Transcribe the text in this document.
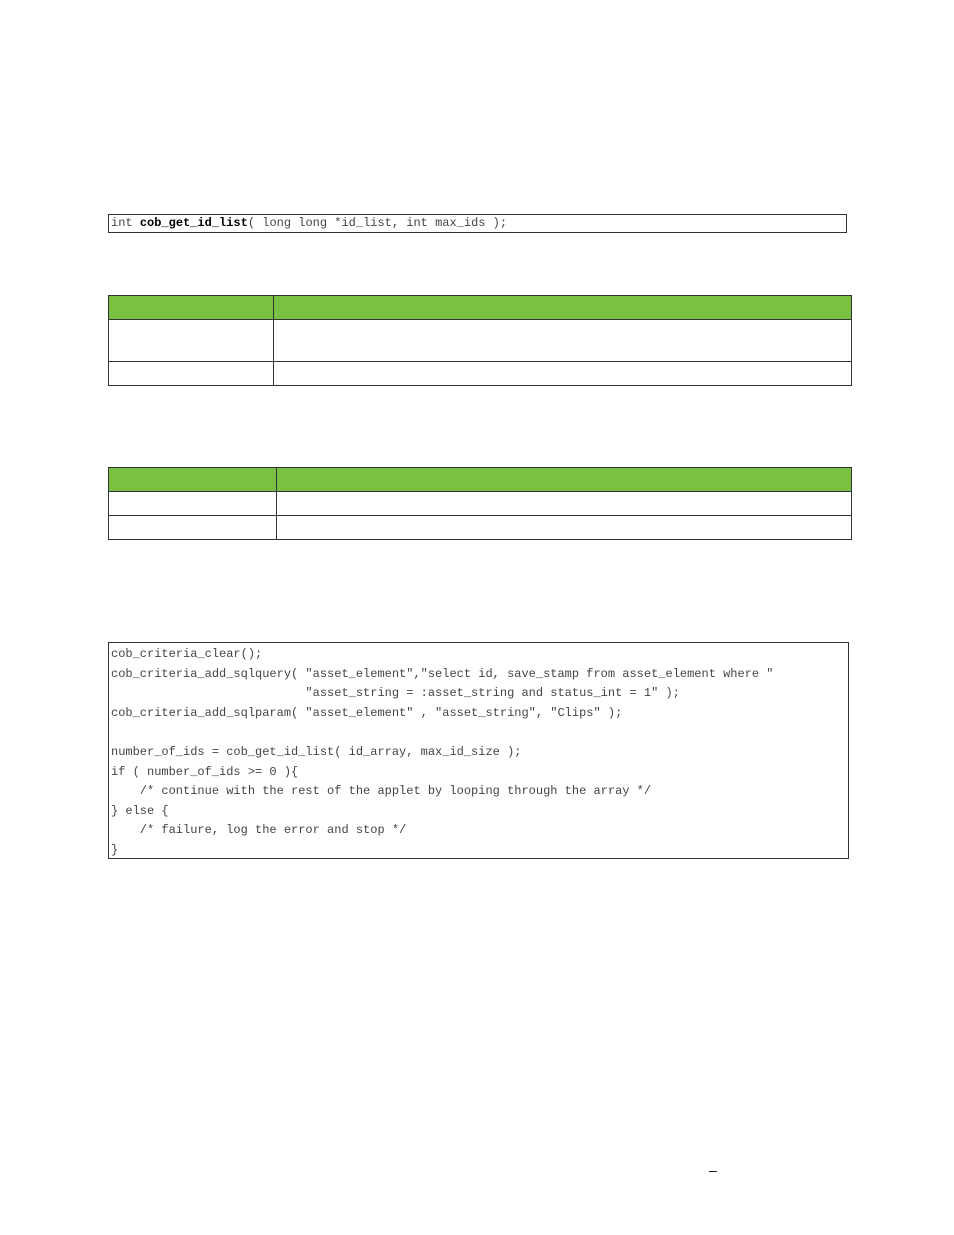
int cob_get_id_list( long long *id_list, int max_ids );

cob_criteria_clear();
cob_criteria_add_sqlquery( "asset_element","select id, save_stamp from asset_element where "
"asset_string = :asset_string and status_int = 1" );
cob_criteria_add_sqlparam( "asset_element" , "asset_string", "Clips" );
number_of_ids = cob_get_id_list( id_array, max_id_size );
if ( number_of_ids >= 0 ){
/* continue with the rest of the applet by looping through the array */
} else {
/* failure, log the error and stop */
}
–
